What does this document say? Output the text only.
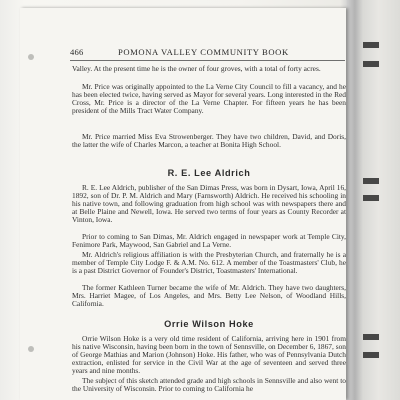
466	POMONA VALLEY COMMUNITY BOOK

Valley. At the present time he is the owner of four groves, with a total of forty acres.

Mr. Price was originally appointed to the La Verne City Council to fill a vacancy, and he has been elected twice, having served as Mayor for several years. Long interested in the Red Cross, Mr. Price is a director of the La Verne Chapter. For fifteen years he has been president of the Mills Tract Water Company.

Mr. Price married Miss Eva Strowenberger. They have two children, David, and Doris, the latter the wife of Charles Marcon, a teacher at Bonita High School.

R. E. Lee Aldrich

R. E. Lee Aldrich, publisher of the San Dimas Press, was born in Dysart, Iowa, April 16, 1892, son of Dr. P. M. Aldrich and Mary (Farnsworth) Aldrich. He received his schooling in his native town, and following graduation from high school was with newspapers there and at Belle Plaine and Newell, Iowa. He served two terms of four years as County Recorder at Vinton, Iowa.

Prior to coming to San Dimas, Mr. Aldrich engaged in newspaper work at Temple City, Fenimore Park, Maywood, San Gabriel and La Verne.

Mr. Aldrich's religious affiliation is with the Presbyterian Church, and fraternally he is a member of Temple City Lodge F. & A.M. No. 612. A member of the Toastmasters' Club, he is a past District Governor of Founder's District, Toastmasters' International.

The former Kathleen Turner became the wife of Mr. Aldrich. They have two daughters, Mrs. Harriet Magee, of Los Angeles, and Mrs. Betty Lee Nelson, of Woodland Hills, California.

Orrie Wilson Hoke

Orrie Wilson Hoke is a very old time resident of California, arriving here in 1901 from his native Wisconsin, having been born in the town of Sennsville, on December 6, 1867, son of George Mathias and Marion (Johnson) Hoke. His father, who was of Pennsylvania Dutch extraction, enlisted for service in the Civil War at the age of seventeen and served three years and nine months.

The subject of this sketch attended grade and high schools in Sennsville and also went to the University of Wisconsin. Prior to coming to California he
